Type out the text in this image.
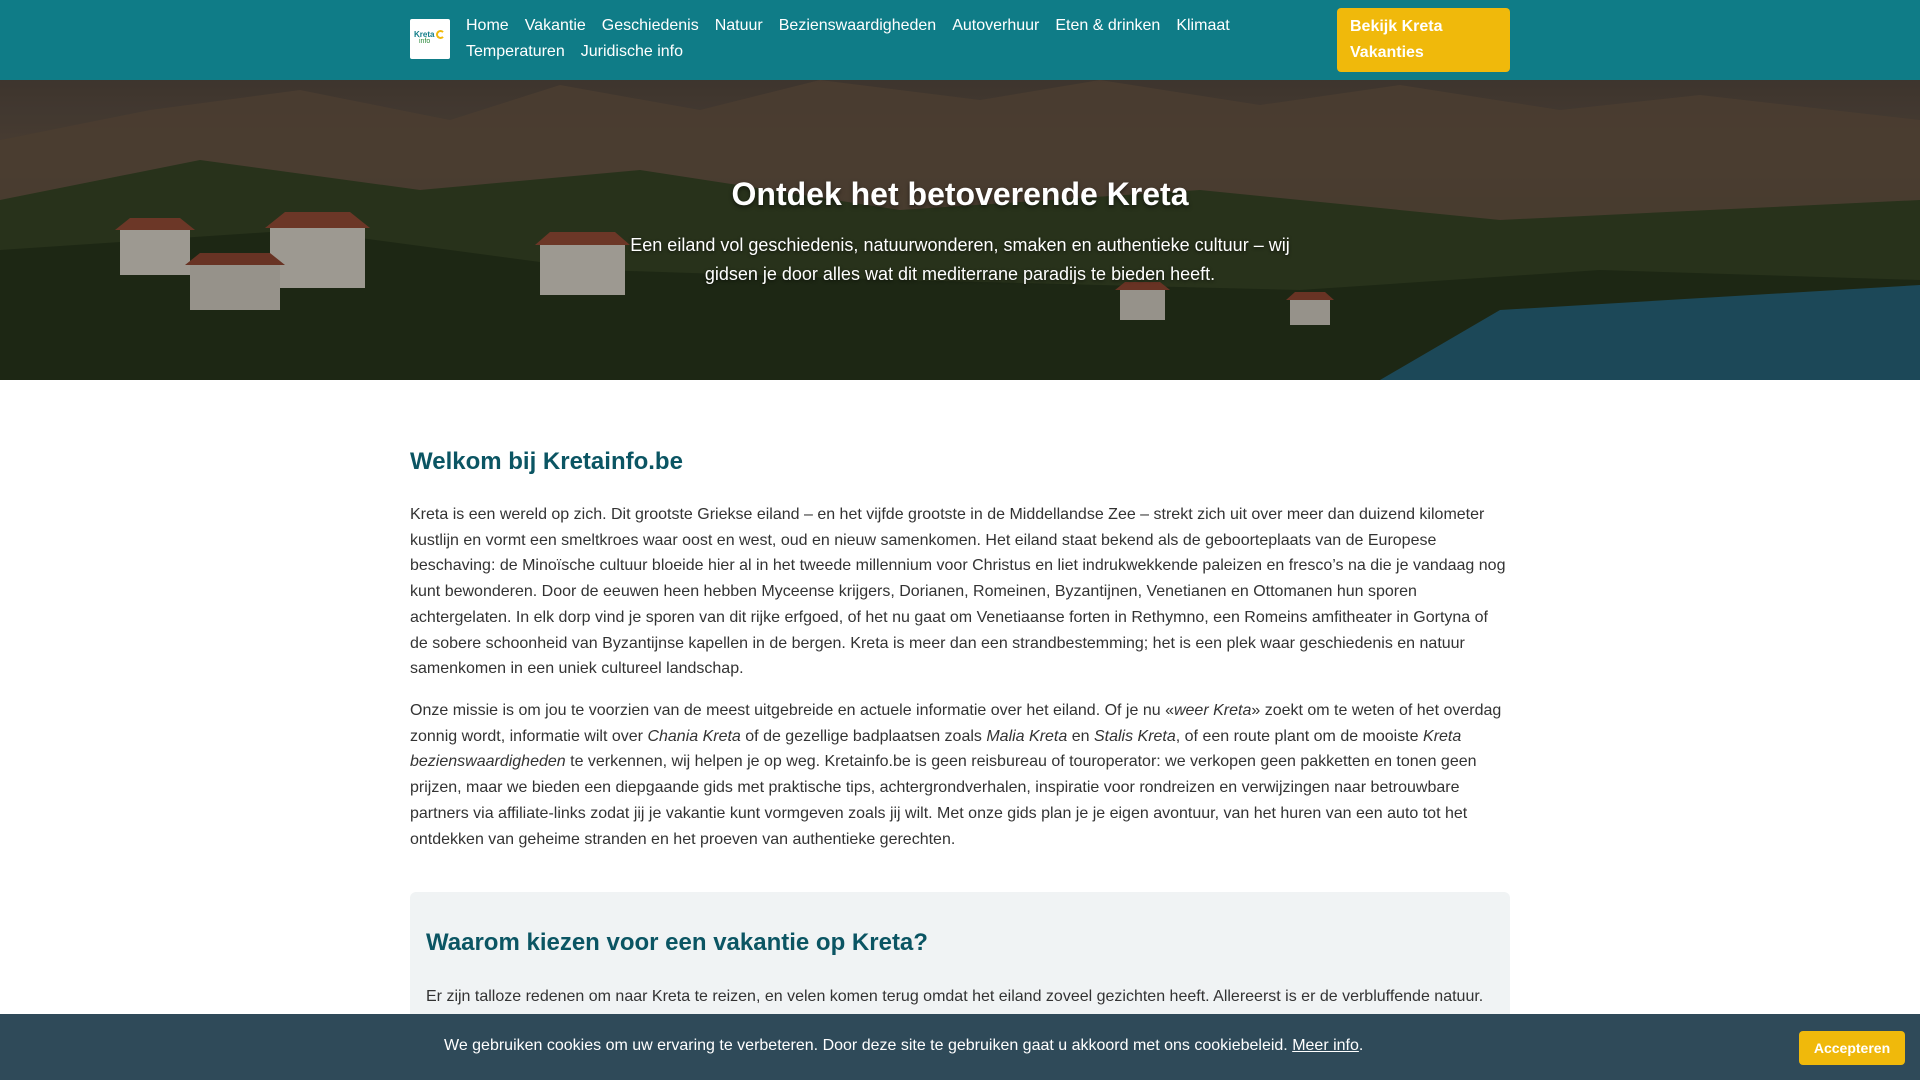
Kreta
info
Home Vakantie Geschiedenis Natuur Bezienswaardigheden Autoverhuur Eten & drinken Klimaat
Temperaturen Juridische info
Bekijk Kreta Vakanties
Ontdek het betoverende Kreta

Een eiland vol geschiedenis, natuurwonderen, smaken en authentieke cultuur – wij gidsen je door alles wat dit mediterrane paradijs te bieden heeft.

Welkom bij Kretainfo.be

Kreta is een wereld op zich. Dit grootste Griekse eiland – en het vijfde grootste in de Middellandse Zee – strekt zich uit over meer dan duizend kilometer kustlijn en vormt een smeltkroes waar oost en west, oud en nieuw samenkomen. Het eiland staat bekend als de geboorteplaats van de Europese beschaving: de Minoïsche cultuur bloeide hier al in het tweede millennium voor Christus en liet indrukwekkende paleizen en fresco’s na die je vandaag nog kunt bewonderen. Door de eeuwen heen hebben Myceense krijgers, Dorianen, Romeinen, Byzantijnen, Venetianen en Ottomanen hun sporen achtergelaten. In elk dorp vind je sporen van dit rijke erfgoed, of het nu gaat om Venetiaanse forten in Rethymno, een Romeins amfitheater in Gortyna of de sobere schoonheid van Byzantijnse kapellen in de bergen. Kreta is meer dan een strandbestemming; het is een plek waar geschiedenis en natuur samenkomen in een uniek cultureel landschap.

Onze missie is om jou te voorzien van de meest uitgebreide en actuele informatie over het eiland. Of je nu «weer Kreta» zoekt om te weten of het overdag zonnig wordt, informatie wilt over Chania Kreta of de gezellige badplaatsen zoals Malia Kreta en Stalis Kreta, of een route plant om de mooiste Kreta bezienswaardigheden te verkennen, wij helpen je op weg. Kretainfo.be is geen reisbureau of touroperator: we verkopen geen pakketten en tonen geen prijzen, maar we bieden een diepgaande gids met praktische tips, achtergrondverhalen, inspiratie voor rondreizen en verwijzingen naar betrouwbare partners via affiliate-links zodat jij je vakantie kunt vormgeven zoals jij wilt. Met onze gids plan je je eigen avontuur, van het huren van een auto tot het ontdekken van geheime stranden en het proeven van authentieke gerechten.

Waarom kiezen voor een vakantie op Kreta?

Er zijn talloze redenen om naar Kreta te reizen, en velen komen terug omdat het eiland zoveel gezichten heeft. Allereerst is er de verbluffende natuur.

We gebruiken cookies om uw ervaring te verbeteren. Door deze site te gebruiken gaat u akkoord met ons cookiebeleid. Meer info.	Accepteren
